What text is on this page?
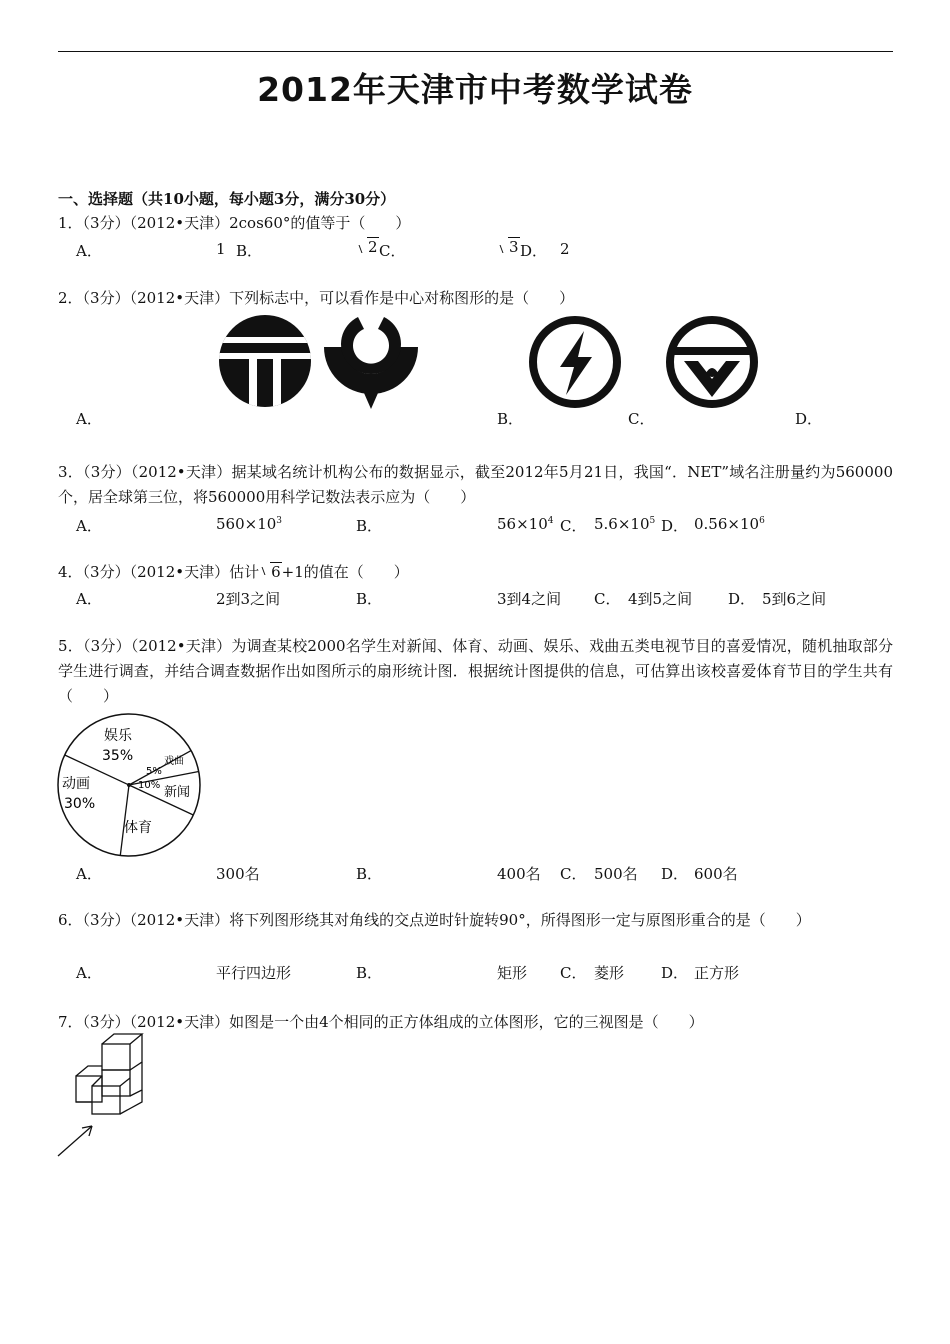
2012年天津市中考数学试卷
一、选择题（共10小题，每小题3分，满分30分）
1．（3分）（2012•天津）2cos60°的值等于（　　）
A．	1 B．	2 C．	3 D． 2
2．（3分）（2012•天津）下列标志中，可以看作是中心对称图形的是（　　）
A．	B．	C．	D．
3．（3分）（2012•天津）据某域名统计机构公布的数据显示，截至2012年5月21日，我国“．NET”域名注册量约为560000个，居全球第三位，将560000用科学记数法表示应为（　　）
A．	$560\times 10^3$	B．	$56\times 10^4$ C． $5.6\times 10^5$ D． $0.56\times 10^6$
4．（3分）（2012•天津）估计 6+1的值在（　　）
A．	2到3之间	B．	3到4之间 C． 4到5之间 D． 5到6之间
5．（3分）（2012•天津）为调查某校2000名学生对新闻、体育、动画、娱乐、戏曲五类电视节目的喜爱情况，随机抽取部分学生进行调查，并结合调查数据作出如图所示的扇形统计图．根据统计图提供的信息，可估算出该校喜爱体育节目的学生共有（　　）
娱乐
35%	戏曲
5%
10% 新闻
体育
动画
30%
A．	300名	B．	400名 C． 500名 D． 600名
6．（3分）（2012•天津）将下列图形绕其对角线的交点逆时针旋转90°，所得图形一定与原图形重合的是（　　）
A．	平行四边形	B．	矩形 C． 菱形 D． 正方形
7．（3分）（2012•天津）如图是一个由4个相同的正方体组成的立体图形，它的三视图是（　　）
